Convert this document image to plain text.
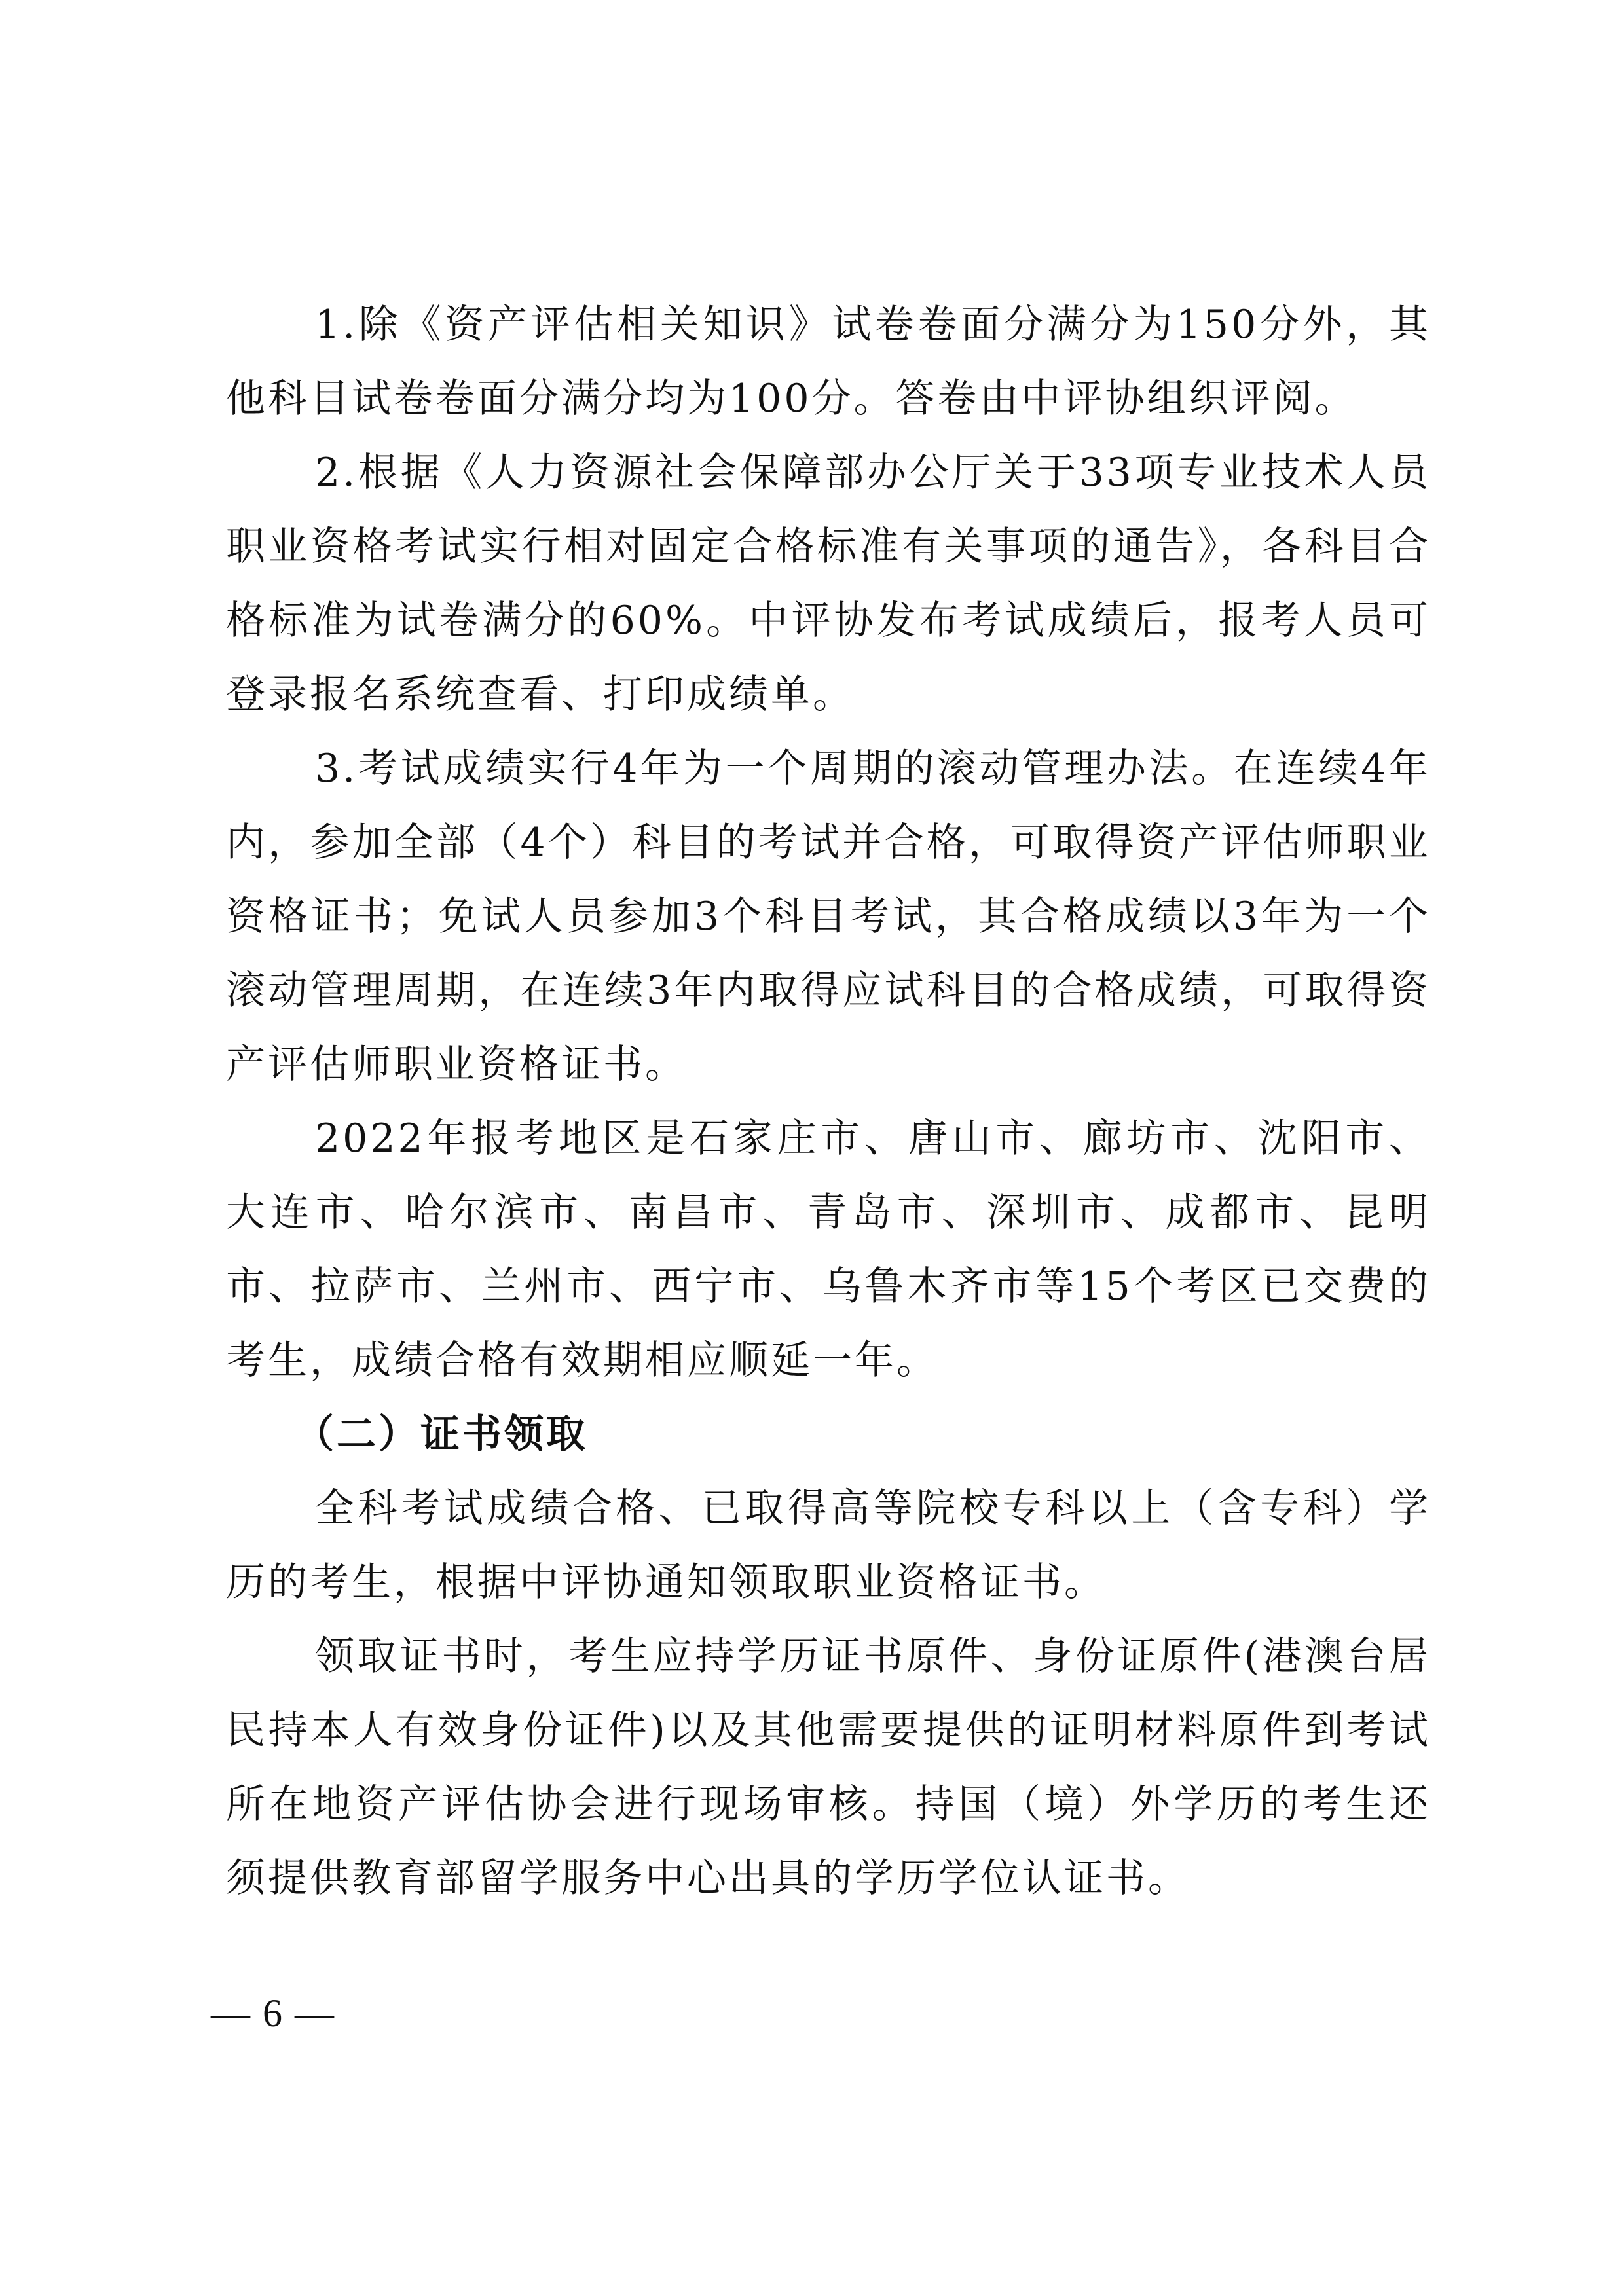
1.除《资产评估相关知识》试卷卷面分满分为150分外，其他科目试卷卷面分满分均为100分。答卷由中评协组织评阅。

2.根据《人力资源社会保障部办公厅关于33项专业技术人员职业资格考试实行相对固定合格标准有关事项的通告》，各科目合格标准为试卷满分的60%。中评协发布考试成绩后，报考人员可登录报名系统查看、打印成绩单。

3.考试成绩实行4年为一个周期的滚动管理办法。在连续4年内，参加全部（4个）科目的考试并合格，可取得资产评估师职业资格证书；免试人员参加3个科目考试，其合格成绩以3年为一个滚动管理周期，在连续3年内取得应试科目的合格成绩，可取得资产评估师职业资格证书。

2022年报考地区是石家庄市、唐山市、廊坊市、沈阳市、大连市、哈尔滨市、南昌市、青岛市、深圳市、成都市、昆明市、拉萨市、兰州市、西宁市、乌鲁木齐市等15个考区已交费的考生，成绩合格有效期相应顺延一年。

（二）证书领取

全科考试成绩合格、已取得高等院校专科以上（含专科）学历的考生，根据中评协通知领取职业资格证书。

领取证书时，考生应持学历证书原件、身份证原件(港澳台居民持本人有效身份证件)以及其他需要提供的证明材料原件到考试所在地资产评估协会进行现场审核。持国（境）外学历的考生还须提供教育部留学服务中心出具的学历学位认证书。

— 6 —
